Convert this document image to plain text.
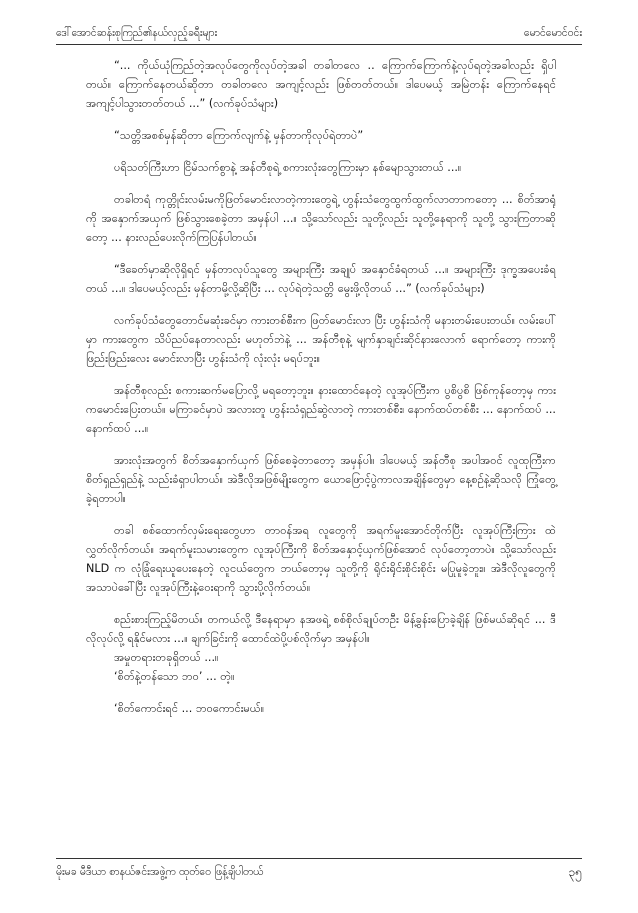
ဒေါ်အောင်ဆန်းစုကြည်၏နယ်လှည့်ခရီးများ	မောင်မောင်ဝင်း

“... ကိုယ်ယုံကြည်တဲ့အလုပ်တွေကိုလုပ်တဲ့အခါ တခါတလေ .. ကြောက်ကြောက်နဲ့လုပ်ရတဲ့အခါလည်း ရှိပါတယ်။ ကြောက်နေတယ်ဆိုတာ တခါတလေ အကျင့်လည်း ဖြစ်တတ်တယ်။ ဒါပေမယ့် အမြဲတန်း ကြောက်နေရင် အကျင့်ပါသွားတတ်တယ် ...” (လက်ခုပ်သံများ)

“သတ္တိအစစ်မှန်ဆိုတာ ကြောက်လျက်နဲ့ မှန်တာကိုလုပ်ရဲတာပဲ”

ပရိသတ်ကြီးဟာ ငြိမ်သက်စွာနဲ့ အန်တီစုရဲ့ စကားလုံးတွေကြားမှာ နစ်မျောသွားတယ် ...။

တခါတရံ ကုတ္တိုင်းလမ်းမကိုဖြတ်မောင်းလာတဲ့ကားတွေရဲ့ ဟွန်းသံတွေထွက်ထွက်လာတာကတော့ ... စိတ်အာရုံကို အနှောက်အယှက် ဖြစ်သွားစေခဲ့တာ အမှန်ပါ ...။ သို့သော်လည်း သူတို့လည်း သူတို့နေရာကို သူတို့ သွားကြတာဆိုတော့ ... နားလည်ပေးလိုက်ကြပြန်ပါတယ်။

“ဒီခေတ်မှာဆိုလိုရှိရင် မှန်တာလုပ်သူတွေ အများကြီး အချုပ် အနှောင်ခံရတယ် ...။ အများကြီး ဒုက္ခအပေးခံရတယ် ...။ ဒါပေမယ့်လည်း မှန်တာမို့လို့ဆိုပြီး ... လုပ်ရဲတဲ့သတ္တိ မွေးဖို့လိုတယ် ...” (လက်ခုပ်သံများ)

လက်ခုပ်သံတွေတောင်မဆုံးခင်မှာ ကားတစ်စီးက ဖြတ်မောင်းလာ ပြီး ဟွန်းသံကို မနားတမ်းပေးတယ်။ လမ်းပေါ်မှာ ကားတွေက သိပ်ညပ်နေတာလည်း မဟုတ်ဘဲနဲ့ ... အန်တီစုနဲ့ မျက်နှာချင်းဆိုင်နားလောက် ရောက်တော့ ကားကို ဖြည်းဖြည်းလေး မောင်းလာပြီး ဟွန်းသံကို လုံးလုံး မရပ်ဘူး။

အန်တီစုလည်း စကားဆက်မပြောလို့ မရတော့ဘူး။ နားထောင်နေတဲ့ လူအုပ်ကြီးက ပွစိပွစိ ဖြစ်ကုန်တော့မှ ကားကမောင်းပြေးတယ်။ မကြာခင်မှာပဲ အလားတူ ဟွန်းသံရှည်ဆွဲလာတဲ့ ကားတစ်စီး၊ နောက်ထပ်တစ်စီး ... နောက်ထပ် ... နောက်ထပ် ...။

အားလုံးအတွက် စိတ်အနှောက်ယှက် ဖြစ်စေခဲ့တာတော့ အမှန်ပါ။ ဒါပေမယ့် အန်တီစု အပါအဝင် လူထုကြီးက စိတ်ရှည်ရှည်နဲ့ သည်းခံရှာပါတယ်။ အဲဒီလိုအဖြစ်မျိုးတွေက ယောဖြောင့်ပွဲကာလအချိန်တွေမှာ နေ့စဉ်နဲ့ဆိုသလို ကြုံတွေ့ခဲ့ရတာပါ။

တခါ စစ်ထောက်လှမ်းရေးတွေဟာ တာဝန်အရ လူတွေကို အရက်မူးအောင်တိုက်ပြီး လူအုပ်ကြီးကြား ထဲ လွှတ်လိုက်တယ်။ အရက်မူးသမားတွေက လူအုပ်ကြီးကို စိတ်အနှောင့်ယှက်ဖြစ်အောင် လုပ်တော့တာပဲ။ သို့သော်လည်း NLD က လုံခြုံရေးယူပေးနေတဲ့ လူငယ်တွေက ဘယ်တော့မှ သူတို့ကို ရိုင်းရိုင်းစိုင်းစိုင်း မပြုမူခဲ့ဘူး။ အဲဒီလိုလူတွေကို အသာပဲခေါ်ပြီး လူအုပ်ကြီးနဲ့ဝေးရာကို သွားပို့လိုက်တယ်။

စည်းစားကြည့်မိတယ်။ တကယ်လို့ ဒီနေရာမှာ နအဖရဲ့ စစ်စိုလ်ချုပ်တဦး မိန့်ခွန်းပြောခဲ့ချိန် ဖြစ်မယ်ဆိုရင် ... ဒီလိုလုပ်လို့ ရနိုင်မလား ...။ ချက်ခြင်းကို ထောင်ထဲပို့ပစ်လိုက်မှာ အမှန်ပါ။

အမှုတရားတခုရှိတယ် ...။

‘စိတ်နဲ့တန်သော ဘဝ’ ... တဲ့။

‘စိတ်ကောင်းရင် ... ဘဝကောင်းမယ်။

မိုးမခ မီဒီယာ စာနယ်ဇင်းအဖွဲ့က ထုတ်ဝေ ဖြန့်ချိပါတယ်	၃၅
